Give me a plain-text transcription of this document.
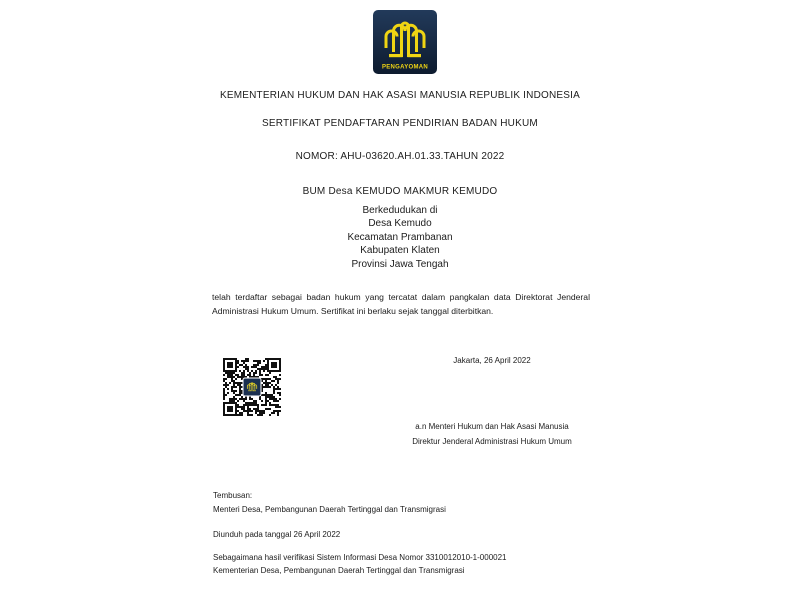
PENGAYOMAN
KEMENTERIAN HUKUM DAN HAK ASASI MANUSIA REPUBLIK INDONESIA
SERTIFIKAT PENDAFTARAN PENDIRIAN BADAN HUKUM
NOMOR: AHU-03620.AH.01.33.TAHUN 2022
BUM Desa KEMUDO MAKMUR KEMUDO
Berkedudukan di
Desa Kemudo
Kecamatan Prambanan
Kabupaten Klaten
Provinsi Jawa Tengah
telah terdaftar sebagai badan hukum yang tercatat dalam pangkalan data Direktorat Jenderal Administrasi Hukum Umum. Sertifikat ini berlaku sejak tanggal diterbitkan.
Jakarta, 26 April 2022
a.n Menteri Hukum dan Hak Asasi Manusia
Direktur Jenderal Administrasi Hukum Umum
Tembusan:
Menteri Desa, Pembangunan Daerah Tertinggal dan Transmigrasi
Diunduh pada tanggal 26 April 2022
Sebagaimana hasil verifikasi Sistem Informasi Desa Nomor 3310012010-1-000021
Kementerian Desa, Pembangunan Daerah Tertinggal dan Transmigrasi
